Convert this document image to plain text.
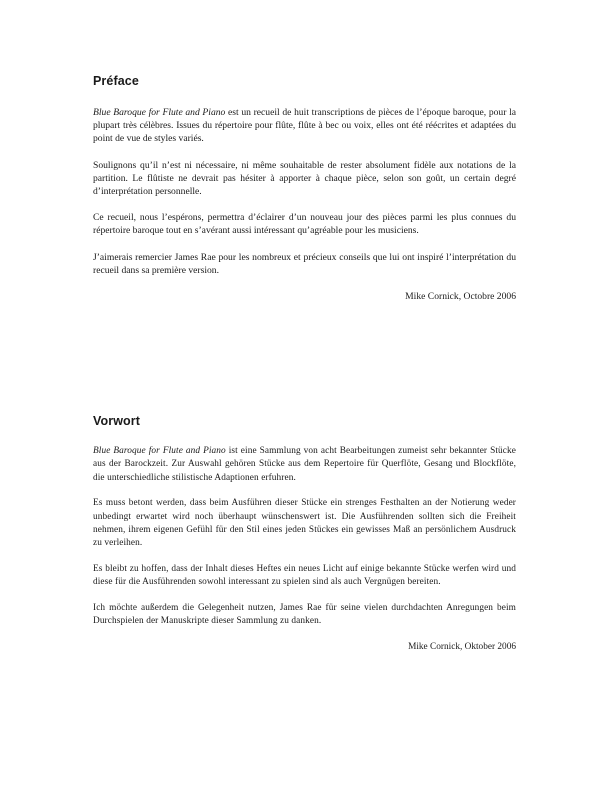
Préface

Blue Baroque for Flute and Piano est un recueil de huit transcriptions de pièces de l’époque baroque, pour la plupart très célèbres. Issues du répertoire pour flûte, flûte à bec ou voix, elles ont été réécrites et adaptées du point de vue de styles variés.

Soulignons qu’il n’est ni nécessaire, ni même souhaitable de rester absolument fidèle aux notations de la partition. Le flûtiste ne devrait pas hésiter à apporter à chaque pièce, selon son goût, un certain degré d’interprétation personnelle.

Ce recueil, nous l’espérons, permettra d’éclairer d’un nouveau jour des pièces parmi les plus connues du répertoire baroque tout en s’avérant aussi intéressant qu’agréable pour les musiciens.

J’aimerais remercier James Rae pour les nombreux et précieux conseils que lui ont inspiré l’interprétation du recueil dans sa première version.

Mike Cornick, Octobre 2006
Vorwort

Blue Baroque for Flute and Piano ist eine Sammlung von acht Bearbeitungen zumeist sehr bekannter Stücke aus der Barockzeit. Zur Auswahl gehören Stücke aus dem Repertoire für Querflöte, Gesang und Blockflöte, die unterschiedliche stilistische Adaptionen erfuhren.

Es muss betont werden, dass beim Ausführen dieser Stücke ein strenges Festhalten an der Notierung weder unbedingt erwartet wird noch überhaupt wünschenswert ist. Die Ausführenden sollten sich die Freiheit nehmen, ihrem eigenen Gefühl für den Stil eines jeden Stückes ein gewisses Maß an persönlichem Ausdruck zu verleihen.

Es bleibt zu hoffen, dass der Inhalt dieses Heftes ein neues Licht auf einige bekannte Stücke werfen wird und diese für die Ausführenden sowohl interessant zu spielen sind als auch Vergnügen bereiten.

Ich möchte außerdem die Gelegenheit nutzen, James Rae für seine vielen durchdachten Anregungen beim Durchspielen der Manuskripte dieser Sammlung zu danken.

Mike Cornick, Oktober 2006
